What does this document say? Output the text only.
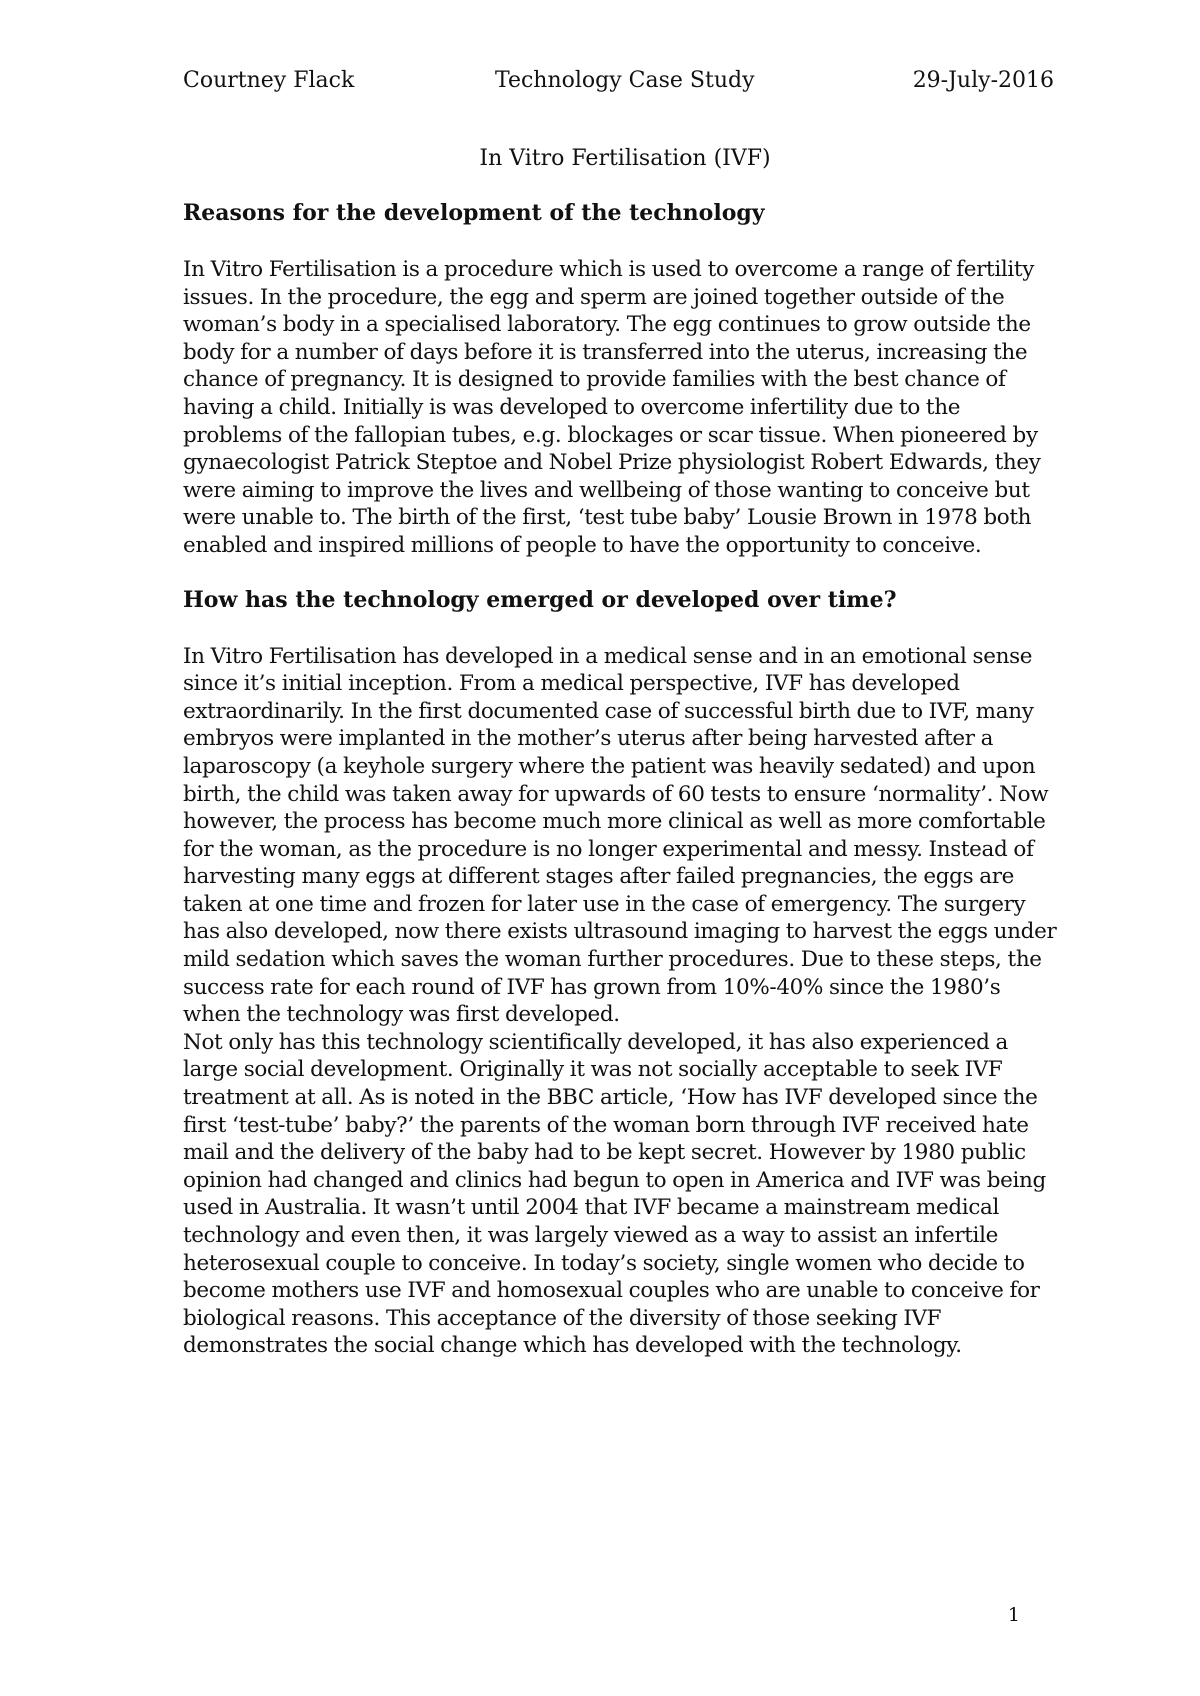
Courtney Flack	Technology Case Study	29-July-2016
In Vitro Fertilisation (IVF)
Reasons for the development of the technology

In Vitro Fertilisation is a procedure which is used to overcome a range of fertility issues. In the procedure, the egg and sperm are joined together outside of the woman’s body in a specialised laboratory. The egg continues to grow outside the body for a number of days before it is transferred into the uterus, increasing the chance of pregnancy. It is designed to provide families with the best chance of having a child. Initially is was developed to overcome infertility due to the problems of the fallopian tubes, e.g. blockages or scar tissue. When pioneered by gynaecologist Patrick Steptoe and Nobel Prize physiologist Robert Edwards, they were aiming to improve the lives and wellbeing of those wanting to conceive but were unable to. The birth of the first, ‘test tube baby’ Lousie Brown in 1978 both enabled and inspired millions of people to have the opportunity to conceive.

How has the technology emerged or developed over time?

In Vitro Fertilisation has developed in a medical sense and in an emotional sense since it’s initial inception. From a medical perspective, IVF has developed extraordinarily. In the first documented case of successful birth due to IVF, many embryos were implanted in the mother’s uterus after being harvested after a laparoscopy (a keyhole surgery where the patient was heavily sedated) and upon birth, the child was taken away for upwards of 60 tests to ensure ‘normality’. Now however, the process has become much more clinical as well as more comfortable for the woman, as the procedure is no longer experimental and messy. Instead of harvesting many eggs at different stages after failed pregnancies, the eggs are taken at one time and frozen for later use in the case of emergency. The surgery has also developed, now there exists ultrasound imaging to harvest the eggs under mild sedation which saves the woman further procedures. Due to these steps, the success rate for each round of IVF has grown from 10%-40% since the 1980’s when the technology was first developed.

Not only has this technology scientifically developed, it has also experienced a large social development. Originally it was not socially acceptable to seek IVF treatment at all. As is noted in the BBC article, ‘How has IVF developed since the first ‘test-tube’ baby?’ the parents of the woman born through IVF received hate mail and the delivery of the baby had to be kept secret. However by 1980 public opinion had changed and clinics had begun to open in America and IVF was being used in Australia. It wasn’t until 2004 that IVF became a mainstream medical technology and even then, it was largely viewed as a way to assist an infertile heterosexual couple to conceive. In today’s society, single women who decide to become mothers use IVF and homosexual couples who are unable to conceive for biological reasons. This acceptance of the diversity of those seeking IVF demonstrates the social change which has developed with the technology.

1
